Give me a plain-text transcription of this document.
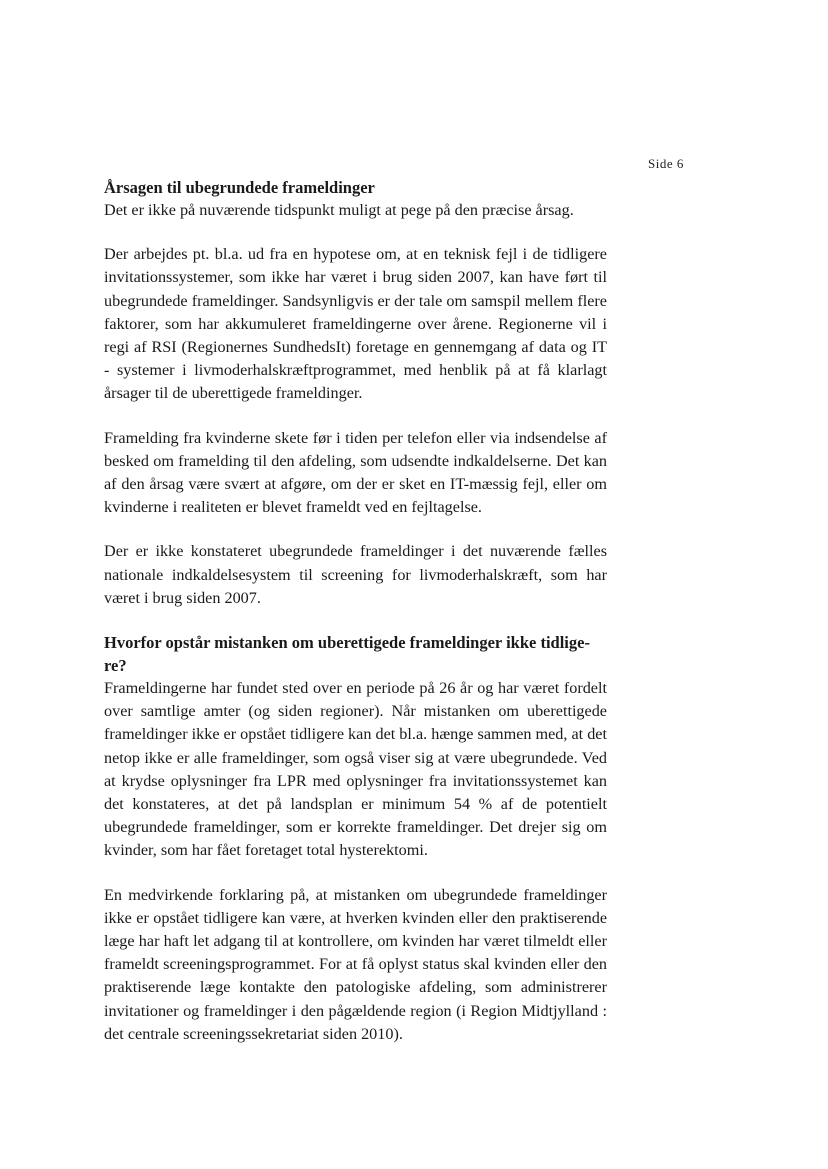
Side 6
Årsagen til ubegrundede frameldinger

Det er ikke på nuværende tidspunkt muligt at pege på den præcise årsag.

Der arbejdes pt. bl.a. ud fra en hypotese om, at en teknisk fejl i de tidligere invitationssystemer, som ikke har været i brug siden 2007, kan have ført til ubegrundede frameldinger. Sandsynligvis er der tale om samspil mellem flere faktorer, som har akkumuleret frameldingerne over årene. Regionerne vil i regi af RSI (Regionernes SundhedsIt) foretage en gennemgang af data og IT - systemer i livmoderhalskræftprogrammet, med henblik på at få klarlagt årsager til de uberettigede frameldinger.

Framelding fra kvinderne skete før i tiden per telefon eller via indsendelse af besked om framelding til den afdeling, som udsendte indkaldelserne. Det kan af den årsag være svært at afgøre, om der er sket en IT-mæssig fejl, eller om kvinderne i realiteten er blevet frameldt ved en fejltagelse.

Der er ikke konstateret ubegrundede frameldinger i det nuværende fælles nationale indkaldelsesystem til screening for livmoderhalskræft, som har været i brug siden 2007.

Hvorfor opstår mistanken om uberettigede frameldinger ikke tidligere?

Frameldingerne har fundet sted over en periode på 26 år og har været fordelt over samtlige amter (og siden regioner). Når mistanken om uberettigede frameldinger ikke er opstået tidligere kan det bl.a. hænge sammen med, at det netop ikke er alle frameldinger, som også viser sig at være ubegrundede. Ved at krydse oplysninger fra LPR med oplysninger fra invitationssystemet kan det konstateres, at det på landsplan er minimum 54 % af de potentielt ubegrundede frameldinger, som er korrekte frameldinger. Det drejer sig om kvinder, som har fået foretaget total hysterektomi.

En medvirkende forklaring på, at mistanken om ubegrundede frameldinger ikke er opstået tidligere kan være, at hverken kvinden eller den praktiserende læge har haft let adgang til at kontrollere, om kvinden har været tilmeldt eller frameldt screeningsprogrammet. For at få oplyst status skal kvinden eller den praktiserende læge kontakte den patologiske afdeling, som administrerer invitationer og frameldinger i den pågældende region (i Region Midtjylland : det centrale screeningssekretariat siden 2010).
